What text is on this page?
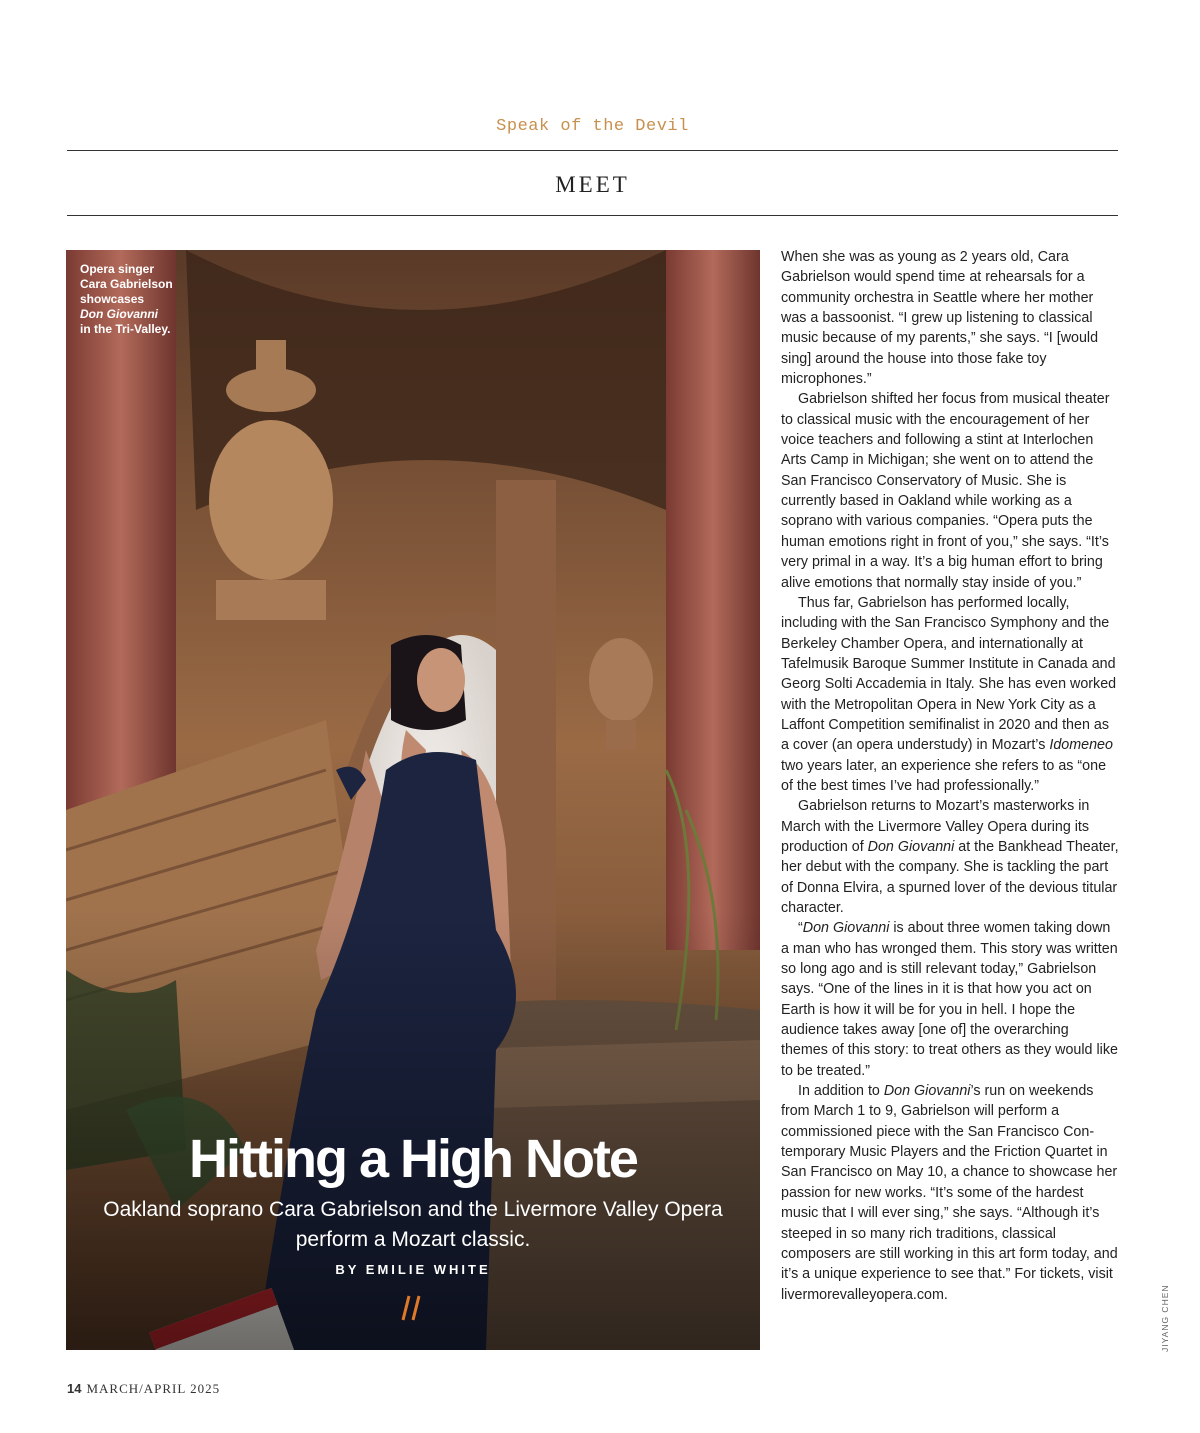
Speak of the Devil
MEET
Opera singer
Cara Gabrielson
showcases
Don Giovanni
in the Tri-Valley.
Hitting a High Note
Oakland soprano Cara Gabrielson and the Livermore Valley Opera perform a Mozart classic.
BY EMILIE WHITE

When she was as young as 2 years old, Cara Gabrielson would spend time at rehearsals for a community orchestra in Seattle where her mother was a bassoonist. “I grew up listening to classical music because of my parents,” she says. “I [would sing] around the house into those fake toy microphones.”

Gabrielson shifted her focus from musical theater to classical music with the encouragement of her voice teachers and following a stint at Interlochen Arts Camp in Michigan; she went on to attend the San Francisco Conservatory of Music. She is currently based in Oakland while working as a soprano with various companies. “Opera puts the human emotions right in front of you,” she says. “It’s very primal in a way. It’s a big human effort to bring alive emotions that normally stay inside of you.”

Thus far, Gabrielson has performed locally, including with the San Francisco Symphony and the Berkeley Chamber Opera, and internationally at Tafelmusik Baroque Summer Institute in Canada and Georg Solti Accademia in Italy. She has even worked with the Metropolitan Opera in New York City as a Laffont Competition semifinalist in 2020 and then as a cover (an opera understudy) in Mozart’s Idomeneo two years later, an experience she refers to as “one of the best times I’ve had professionally.”

Gabrielson returns to Mozart’s masterworks in March with the Livermore Valley Opera during its production of Don Giovanni at the Bankhead Theater, her debut with the company. She is tackling the part of Donna Elvira, a spurned lover of the devious titular character.

“Don Giovanni is about three women taking down a man who has wronged them. This story was written so long ago and is still relevant today,” Gabrielson says. “One of the lines in it is that how you act on Earth is how it will be for you in hell. I hope the audience takes away [one of] the overarching themes of this story: to treat others as they would like to be treated.”

In addition to Don Giovanni’s run on weekends from March 1 to 9, Gabrielson will perform a commissioned piece with the San Francisco Contemporary Music Players and the Friction Quartet in San Francisco on May 10, a chance to showcase her passion for new works. “It’s some of the hardest music that I will ever sing,” she says. “Although it’s steeped in so many rich traditions, classical composers are still working in this art form today, and it’s a unique experience to see that.” For tickets, visit livermorevalleyopera.com.	JIYANG CHEN
14 MARCH/APRIL 2025
